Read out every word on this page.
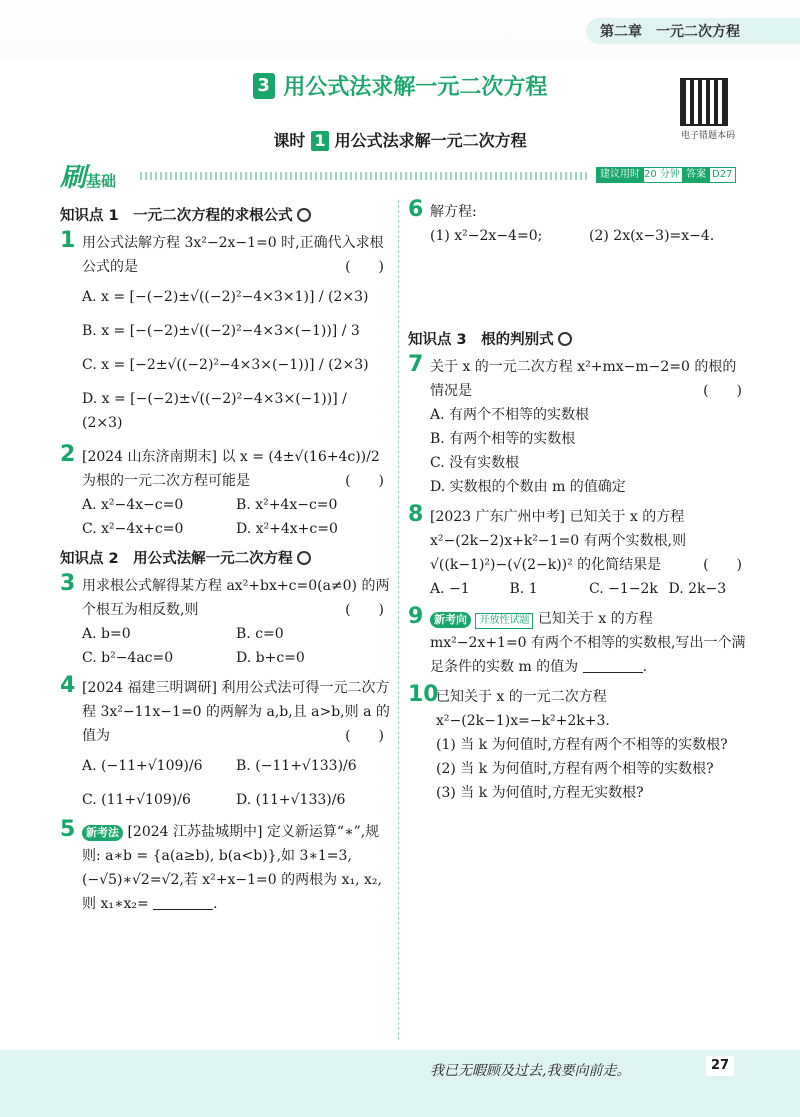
第二章　一元二次方程
3 用公式法求解一元二次方程
电子错题本码
课时 1 用公式法求解一元二次方程
刷基础	建议用时 20 分钟 答案 D27
知识点 1　一元二次方程的求根公式
1 用公式法解方程 3x²−2x−1=0 时,正确代入求根公式的是	(　　)
A. x = [−(−2)±√((−2)²−4×3×1)] / (2×3)
B. x = [−(−2)±√((−2)²−4×3×(−1))] / 3
C. x = [−2±√((−2)²−4×3×(−1))] / (2×3)
D. x = [−(−2)±√((−2)²−4×3×(−1))] / (2×3)
2 [2024 山东济南期末] 以 x = (4±√(16+4c))/2 为根的一元二次方程可能是	(　　)
A. x²−4x−c=0	B. x²+4x−c=0
C. x²−4x+c=0	D. x²+4x+c=0
知识点 2　用公式法解一元二次方程
3 用求根公式解得某方程 ax²+bx+c=0(a≠0) 的两个根互为相反数,则	(　　)
A. b=0	B. c=0
C. b²−4ac=0	D. b+c=0
4 [2024 福建三明调研] 利用公式法可得一元二次方程 3x²−11x−1=0 的两解为 a,b,且 a>b,则 a 的值为	(　　)
A. (−11+√109)/6	B. (−11+√133)/6
C. (11+√109)/6	D. (11+√133)/6
5 新考法 [2024 江苏盐城期中] 定义新运算“∗”,规则: a∗b = {a(a≥b), b(a<b)},如 3∗1=3, (−√5)∗√2=√2,若 x²+x−1=0 的两根为 x₁, x₂,则 x₁∗x₂=	.
6 解方程:
(1) x²−2x−4=0;	(2) 2x(x−3)=x−4.
知识点 3　根的判别式
7 关于 x 的一元二次方程 x²+mx−m−2=0 的根的情况是	(　　)
A. 有两个不相等的实数根
B. 有两个相等的实数根
C. 没有实数根
D. 实数根的个数由 m 的值确定
8 [2023 广东广州中考] 已知关于 x 的方程 x²−(2k−2)x+k²−1=0 有两个实数根,则 √((k−1)²)−(√(2−k))² 的化简结果是	(　　)
A. −1	B. 1	C. −1−2k D. 2k−3
9 新考向 开放性试题 已知关于 x 的方程 mx²−2x+1=0 有两个不相等的实数根,写出一个满足条件的实数 m 的值为	.
10
已知关于 x 的一元二次方程 x²−(2k−1)x=−k²+2k+3.
(1) 当 k 为何值时,方程有两个不相等的实数根?
(2) 当 k 为何值时,方程有两个相等的实数根?
(3) 当 k 为何值时,方程无实数根?
我已无暇顾及过去,我要向前走。	27
